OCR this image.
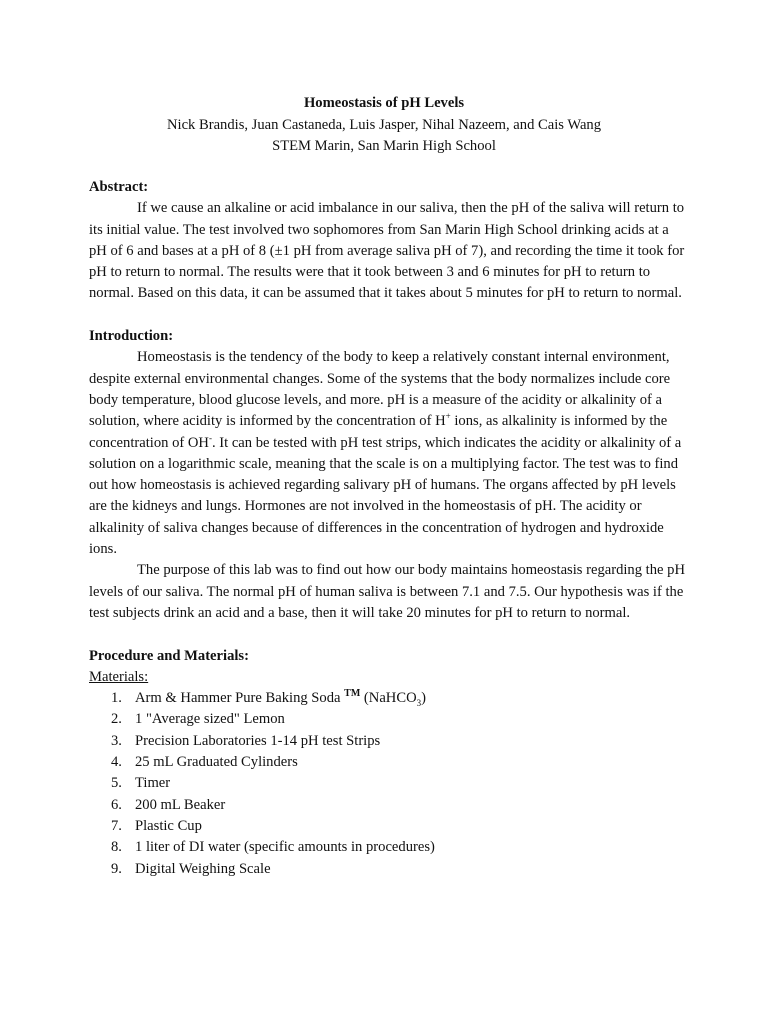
Homeostasis of pH Levels
Nick Brandis, Juan Castaneda, Luis Jasper, Nihal Nazeem, and Cais Wang
STEM Marin, San Marin High School
Abstract:
If we cause an alkaline or acid imbalance in our saliva, then the pH of the saliva will return to its initial value. The test involved two sophomores from San Marin High School drinking acids at a pH of 6 and bases at a pH of 8 (±1 pH from average saliva pH of 7), and recording the time it took for pH to return to normal. The results were that it took between 3 and 6 minutes for pH to return to normal. Based on this data, it can be assumed that it takes about 5 minutes for pH to return to normal.
Introduction:
Homeostasis is the tendency of the body to keep a relatively constant internal environment, despite external environmental changes. Some of the systems that the body normalizes include core body temperature, blood glucose levels, and more. pH is a measure of the acidity or alkalinity of a solution, where acidity is informed by the concentration of H+ ions, as alkalinity is informed by the concentration of OH-. It can be tested with pH test strips, which indicates the acidity or alkalinity of a solution on a logarithmic scale, meaning that the scale is on a multiplying factor. The test was to find out how homeostasis is achieved regarding salivary pH of humans. The organs affected by pH levels are the kidneys and lungs. Hormones are not involved in the homeostasis of pH. The acidity or alkalinity of saliva changes because of differences in the concentration of hydrogen and hydroxide ions.
The purpose of this lab was to find out how our body maintains homeostasis regarding the pH levels of our saliva. The normal pH of human saliva is between 7.1 and 7.5. Our hypothesis was if the test subjects drink an acid and a base, then it will take 20 minutes for pH to return to normal.
Procedure and Materials:
Materials:
1. Arm & Hammer Pure Baking Soda ™ (NaHCO$_3$)
2. 1 "Average sized" Lemon
3. Precision Laboratories 1-14 pH test Strips
4. 25 mL Graduated Cylinders
5. Timer
6. 200 mL Beaker
7. Plastic Cup
8. 1 liter of DI water (specific amounts in procedures)
9. Digital Weighing Scale
